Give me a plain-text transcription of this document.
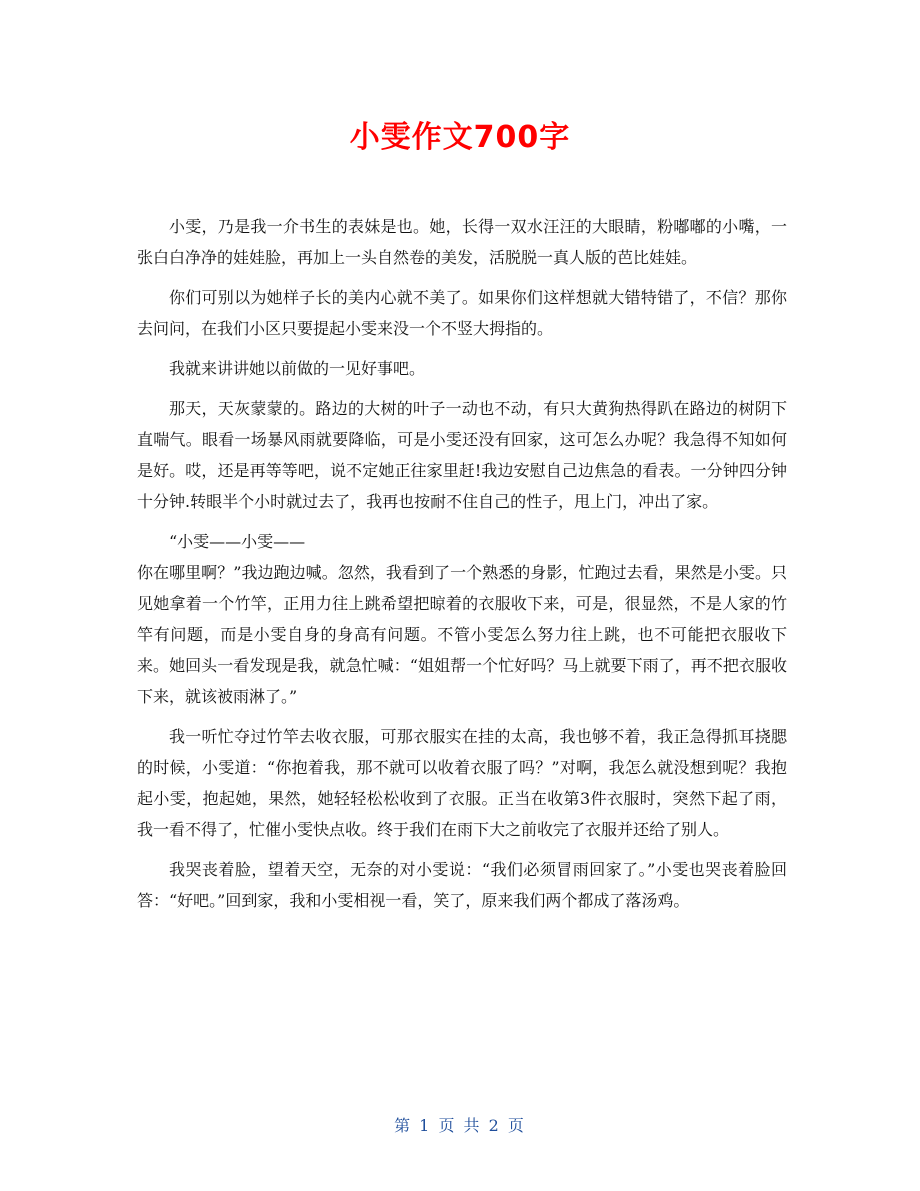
小雯作文700字

小雯，乃是我一介书生的表妹是也。她，长得一双水汪汪的大眼睛，粉嘟嘟的小嘴，一张白白净净的娃娃脸，再加上一头自然卷的美发，活脱脱一真人版的芭比娃娃。

你们可别以为她样子长的美内心就不美了。如果你们这样想就大错特错了，不信？那你去问问，在我们小区只要提起小雯来没一个不竖大拇指的。

我就来讲讲她以前做的一见好事吧。

那天，天灰蒙蒙的。路边的大树的叶子一动也不动，有只大黄狗热得趴在路边的树阴下直喘气。眼看一场暴风雨就要降临，可是小雯还没有回家，这可怎么办呢？我急得不知如何是好。哎，还是再等等吧，说不定她正往家里赶!我边安慰自己边焦急的看表。一分钟四分钟十分钟.转眼半个小时就过去了，我再也按耐不住自己的性子，甩上门，冲出了家。

“小雯——小雯——

你在哪里啊？”我边跑边喊。忽然，我看到了一个熟悉的身影，忙跑过去看，果然是小雯。只见她拿着一个竹竿，正用力往上跳希望把晾着的衣服收下来，可是，很显然，不是人家的竹竿有问题，而是小雯自身的身高有问题。不管小雯怎么努力往上跳，也不可能把衣服收下来。她回头一看发现是我，就急忙喊：“姐姐帮一个忙好吗？马上就要下雨了，再不把衣服收下来，就该被雨淋了。”

我一听忙夺过竹竿去收衣服，可那衣服实在挂的太高，我也够不着，我正急得抓耳挠腮的时候，小雯道：“你抱着我，那不就可以收着衣服了吗？”对啊，我怎么就没想到呢？我抱起小雯，抱起她，果然，她轻轻松松收到了衣服。正当在收第3件衣服时，突然下起了雨，我一看不得了，忙催小雯快点收。终于我们在雨下大之前收完了衣服并还给了别人。

我哭丧着脸，望着天空，无奈的对小雯说：“我们必须冒雨回家了。”小雯也哭丧着脸回答：“好吧。”回到家，我和小雯相视一看，笑了，原来我们两个都成了落汤鸡。

第 1 页 共 2 页
